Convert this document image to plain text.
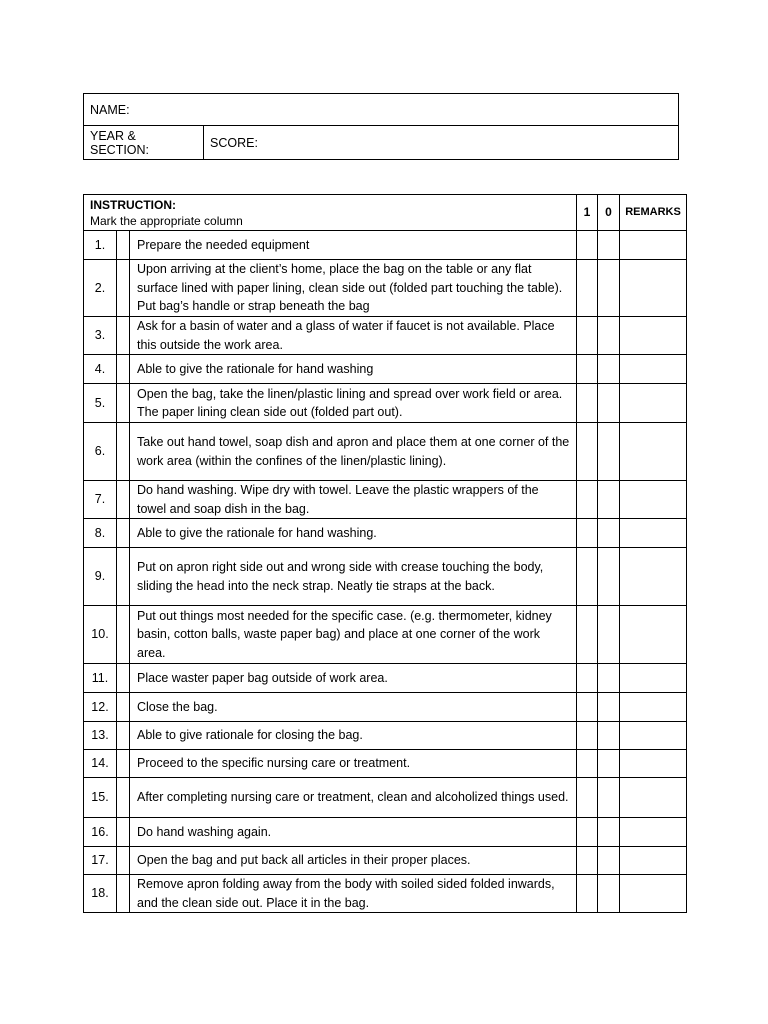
NAME:
YEAR & SECTION:	SCORE:
INSTRUCTION:
Mark the appropriate column			1	0	REMARKS
1.		Prepare the needed equipment			
2.		Upon arriving at the client’s home, place the bag on the table or any flat surface lined with paper lining, clean side out (folded part touching the table). Put bag’s handle or strap beneath the bag			
3.		Ask for a basin of water and a glass of water if faucet is not available. Place this outside the work area.			
4.		Able to give the rationale for hand washing			
5.		Open the bag, take the linen/plastic lining and spread over work field or area. The paper lining clean side out (folded part out).			
6.		Take out hand towel, soap dish and apron and place them at one corner of the work area (within the confines of the linen/plastic lining).			
7.		Do hand washing. Wipe dry with towel. Leave the plastic wrappers of the towel and soap dish in the bag.			
8.		Able to give the rationale for hand washing.			
9.		Put on apron right side out and wrong side with crease touching the body, sliding the head into the neck strap. Neatly tie straps at the back.			
10.		Put out things most needed for the specific case. (e.g. thermometer, kidney basin, cotton balls, waste paper bag) and place at one corner of the work area.			
11.		Place waster paper bag outside of work area.			
12.		Close the bag.			
13.		Able to give rationale for closing the bag.			
14.		Proceed to the specific nursing care or treatment.			
15.		After completing nursing care or treatment, clean and alcoholized things used.			
16.		Do hand washing again.			
17.		Open the bag and put back all articles in their proper places.			
18.		Remove apron folding away from the body with soiled sided folded inwards, and the clean side out. Place it in the bag.			
